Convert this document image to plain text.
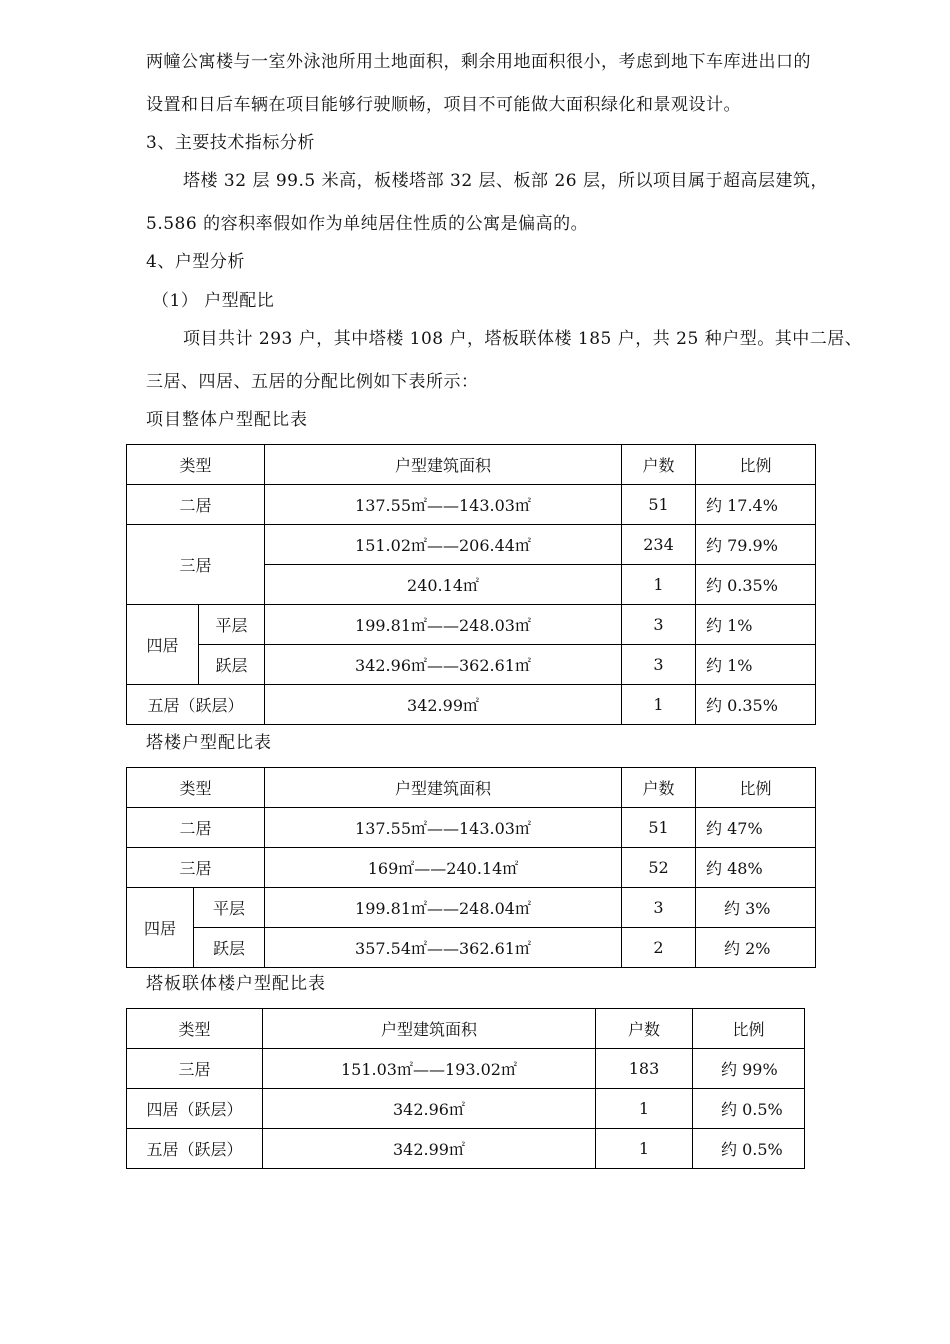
两幢公寓楼与一室外泳池所用土地面积，剩余用地面积很小，考虑到地下车库进出口的
设置和日后车辆在项目能够行驶顺畅，项目不可能做大面积绿化和景观设计。
3、主要技术指标分析
塔楼 32 层 99.5 米高，板楼塔部 32 层、板部 26 层，所以项目属于超高层建筑，
5.586 的容积率假如作为单纯居住性质的公寓是偏高的。
4、户型分析
（1） 户型配比
项目共计 293 户，其中塔楼 108 户，塔板联体楼 185 户，共 25 种户型。其中二居、
三居、四居、五居的分配比例如下表所示：
项目整体户型配比表
类型		户型建筑面积	户数	比例
二居		137.55㎡——143.03㎡	51	约 17.4%
三居		151.02㎡——206.44㎡	234	约 79.9%
		240.14㎡	1	约 0.35%
四居	平层	199.81㎡——248.03㎡	3	约 1%
	跃层	342.96㎡——362.61㎡	3	约 1%
五居（跃层）		342.99㎡	1	约 0.35%
塔楼户型配比表
类型		户型建筑面积	户数	比例
二居		137.55㎡——143.03㎡	51	约 47%
三居		169㎡——240.14㎡	52	约 48%
四居	平层	199.81㎡——248.04㎡	3	约 3%
	跃层	357.54㎡——362.61㎡	2	约 2%
塔板联体楼户型配比表
类型	户型建筑面积	户数	比例
三居	151.03㎡——193.02㎡	183	约 99%
四居（跃层）	342.96㎡	1	约 0.5%
五居（跃层）	342.99㎡	1	约 0.5%
